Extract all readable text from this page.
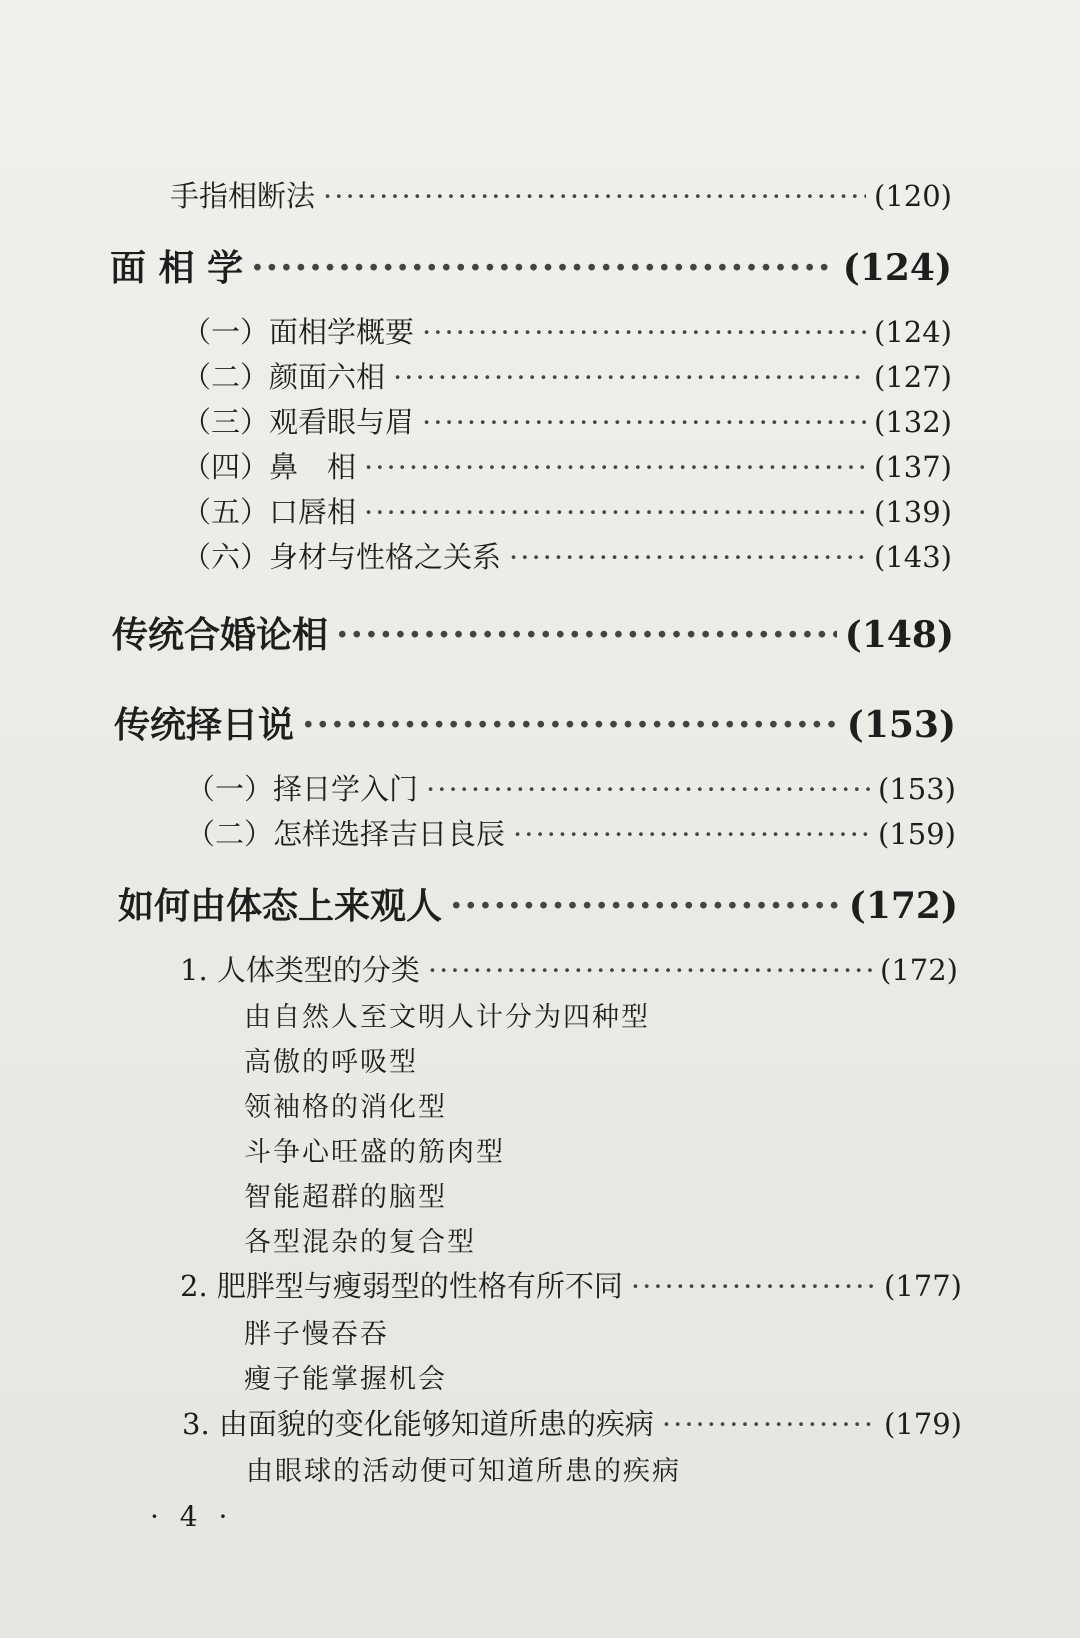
手指相断法 ·····	(120)
面 相 学 ·····	(124)
（一）面相学概要 ·····	(124)
（二）颜面六相 ·····	(127)
（三）观看眼与眉 ·····	(132)
（四）鼻　相 ·····	(137)
（五）口唇相 ·····	(139)
（六）身材与性格之关系 ·····	(143)
传统合婚论相 ·····	(148)
传统择日说 ·····	(153)
（一）择日学入门 ·····	(153)
（二）怎样选择吉日良辰 ·····	(159)
如何由体态上来观人 ·····	(172)
1. 人体类型的分类 ·····	(172)
由自然人至文明人计分为四种型
高傲的呼吸型
领袖格的消化型
斗争心旺盛的筋肉型
智能超群的脑型
各型混杂的复合型
2. 肥胖型与瘦弱型的性格有所不同 ·····	(177)
胖子慢吞吞
瘦子能掌握机会
3. 由面貌的变化能够知道所患的疾病 ·····	(179)
由眼球的活动便可知道所患的疾病
· 4 ·
